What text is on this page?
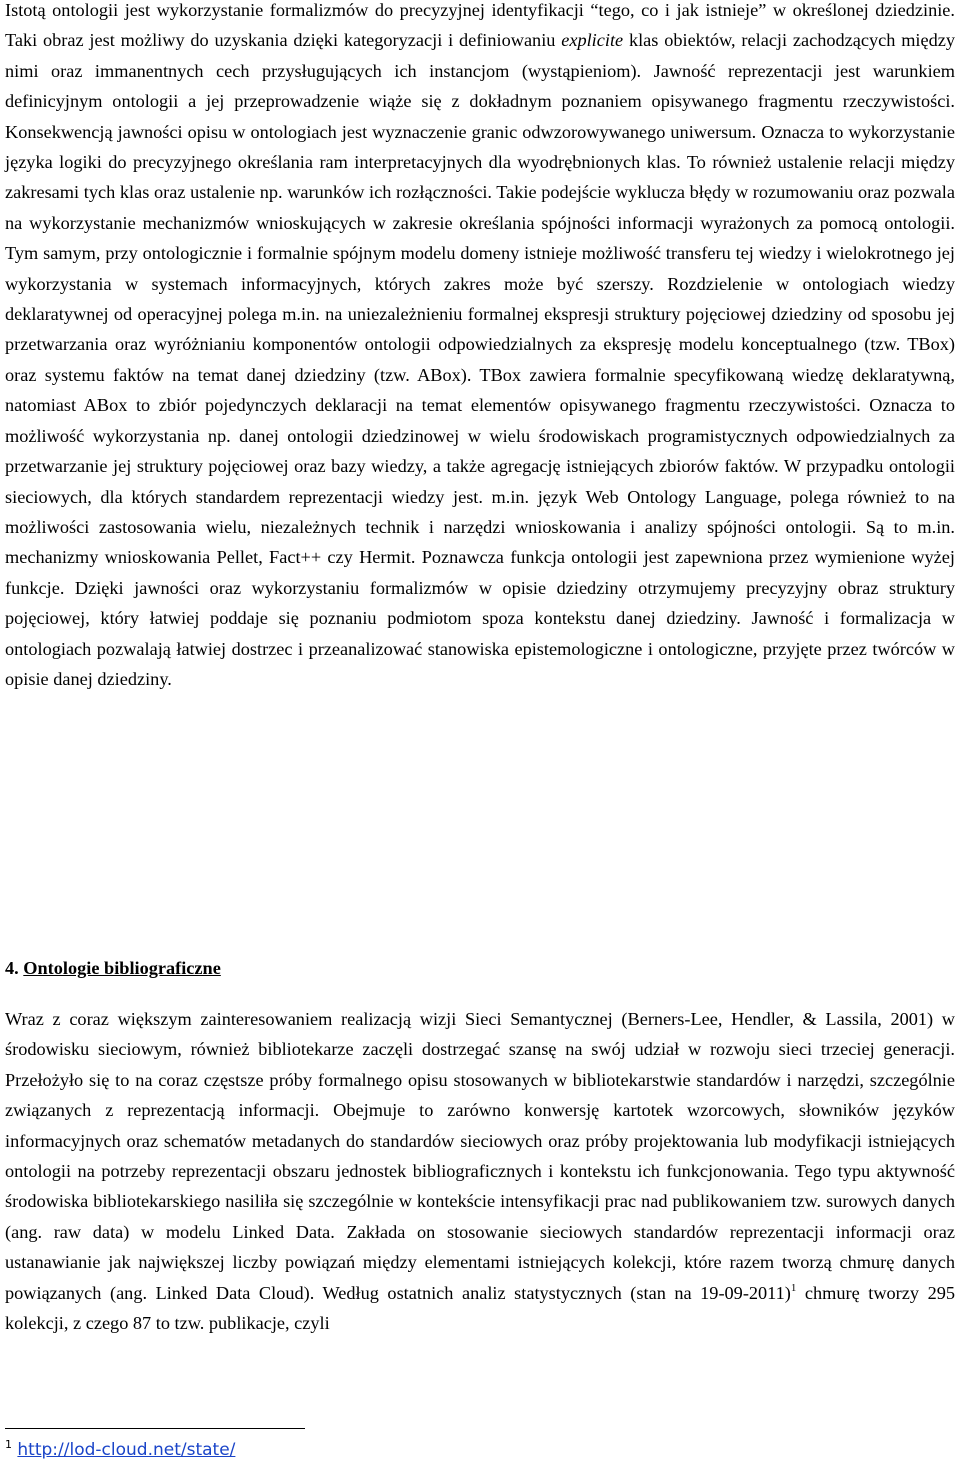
Istotą ontologii jest wykorzystanie formalizmów do precyzyjnej identyfikacji “tego, co i jak istnieje” w określonej dziedzinie. Taki obraz jest możliwy do uzyskania dzięki kategoryzacji i definiowaniu explicite klas obiektów, relacji zachodzących między nimi oraz immanentnych cech przysługujących ich instancjom (wystąpieniom). Jawność reprezentacji jest warunkiem definicyjnym ontologii a jej przeprowadzenie wiąże się z dokładnym poznaniem opisywanego fragmentu rzeczywistości. Konsekwencją jawności opisu w ontologiach jest wyznaczenie granic odwzorowywanego uniwersum. Oznacza to wykorzystanie języka logiki do precyzyjnego określania ram interpretacyjnych dla wyodrębnionych klas. To również ustalenie relacji między zakresami tych klas oraz ustalenie np. warunków ich rozłączności. Takie podejście wyklucza błędy w rozumowaniu oraz pozwala na wykorzystanie mechanizmów wnioskujących w zakresie określania spójności informacji wyrażonych za pomocą ontologii. Tym samym, przy ontologicznie i formalnie spójnym modelu domeny istnieje możliwość transferu tej wiedzy i wielokrotnego jej wykorzystania w systemach informacyjnych, których zakres może być szerszy. Rozdzielenie w ontologiach wiedzy deklaratywnej od operacyjnej polega m.in. na uniezależnieniu formalnej ekspresji struktury pojęciowej dziedziny od sposobu jej przetwarzania oraz wyróżnianiu komponentów ontologii odpowiedzialnych za ekspresję modelu konceptualnego (tzw. TBox) oraz systemu faktów na temat danej dziedziny (tzw. ABox). TBox zawiera formalnie specyfikowaną wiedzę deklaratywną, natomiast ABox to zbiór pojedynczych deklaracji na temat elementów opisywanego fragmentu rzeczywistości. Oznacza to możliwość wykorzystania np. danej ontologii dziedzinowej w wielu środowiskach programistycznych odpowiedzialnych za przetwarzanie jej struktury pojęciowej oraz bazy wiedzy, a także agregację istniejących zbiorów faktów. W przypadku ontologii sieciowych, dla których standardem reprezentacji wiedzy jest. m.in. język Web Ontology Language, polega również to na możliwości zastosowania wielu, niezależnych technik i narzędzi wnioskowania i analizy spójności ontologii. Są to m.in. mechanizmy wnioskowania Pellet, Fact++ czy Hermit. Poznawcza funkcja ontologii jest zapewniona przez wymienione wyżej funkcje. Dzięki jawności oraz wykorzystaniu formalizmów w opisie dziedziny otrzymujemy precyzyjny obraz struktury pojęciowej, który łatwiej poddaje się poznaniu podmiotom spoza kontekstu danej dziedziny. Jawność i formalizacja w ontologiach pozwalają łatwiej dostrzec i przeanalizować stanowiska epistemologiczne i ontologiczne, przyjęte przez twórców w opisie danej dziedziny.

4. Ontologie bibliograficzne

Wraz z coraz większym zainteresowaniem realizacją wizji Sieci Semantycznej (Berners-Lee, Hendler, & Lassila, 2001) w środowisku sieciowym, również bibliotekarze zaczęli dostrzegać szansę na swój udział w rozwoju sieci trzeciej generacji. Przełożyło się to na coraz częstsze próby formalnego opisu stosowanych w bibliotekarstwie standardów i narzędzi, szczególnie związanych z reprezentacją informacji. Obejmuje to zarówno konwersję kartotek wzorcowych, słowników języków informacyjnych oraz schematów metadanych do standardów sieciowych oraz próby projektowania lub modyfikacji istniejących ontologii na potrzeby reprezentacji obszaru jednostek bibliograficznych i kontekstu ich funkcjonowania. Tego typu aktywność środowiska bibliotekarskiego nasiliła się szczególnie w kontekście intensyfikacji prac nad publikowaniem tzw. surowych danych (ang. raw data) w modelu Linked Data. Zakłada on stosowanie sieciowych standardów reprezentacji informacji oraz ustanawianie jak największej liczby powiązań między elementami istniejących kolekcji, które razem tworzą chmurę danych powiązanych (ang. Linked Data Cloud). Według ostatnich analiz statystycznych (stan na 19-09-2011)$^1$ chmurę tworzy 295 kolekcji, z czego 87 to tzw. publikacje, czyli

$^1$ http://lod-cloud.net/state/
